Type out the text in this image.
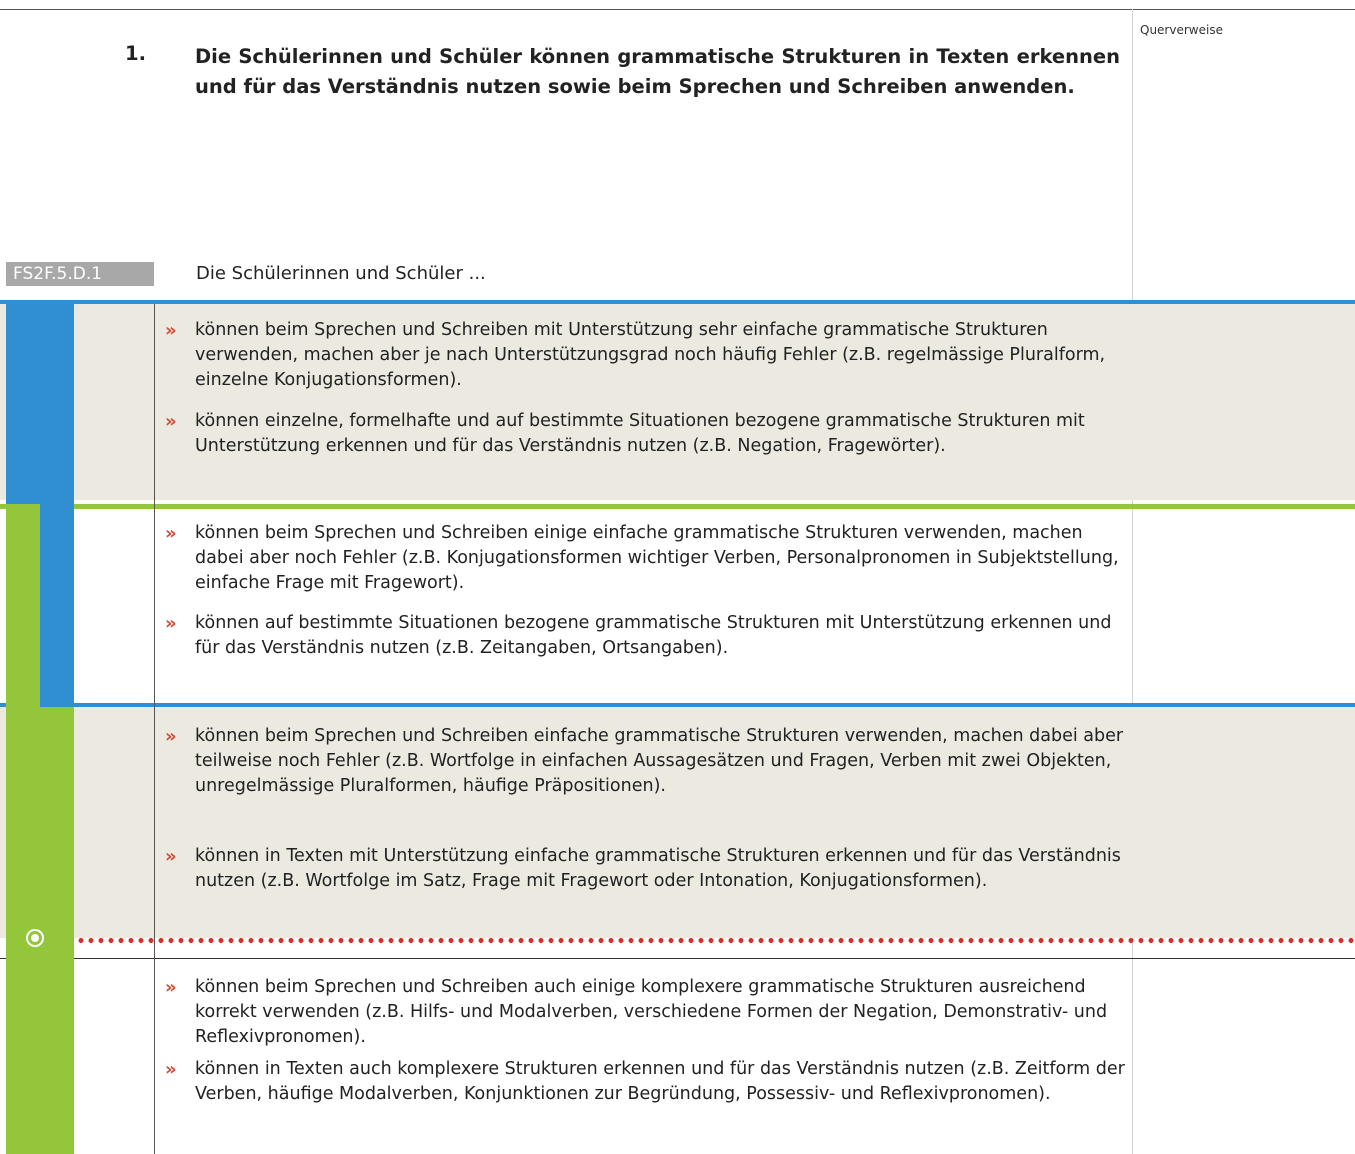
Querverweise
1.	Die Schülerinnen und Schüler können grammatische Strukturen in Texten erkennen und für das Verständnis nutzen sowie beim Sprechen und Schreiben anwenden.
FS2F.5.D.1	Die Schülerinnen und Schüler ...
»	können beim Sprechen und Schreiben mit Unterstützung sehr einfache grammatische Strukturen verwenden, machen aber je nach Unterstützungsgrad noch häufig Fehler (z.B. regelmässige Pluralform, einzelne Konjugationsformen).
»	können einzelne, formelhafte und auf bestimmte Situationen bezogene grammatische Strukturen mit Unterstützung erkennen und für das Verständnis nutzen (z.B. Negation, Fragewörter).
»	können beim Sprechen und Schreiben einige einfache grammatische Strukturen verwenden, machen dabei aber noch Fehler (z.B. Konjugationsformen wichtiger Verben, Personalpronomen in Subjektstellung, einfache Frage mit Fragewort).
»	können auf bestimmte Situationen bezogene grammatische Strukturen mit Unterstützung erkennen und für das Verständnis nutzen (z.B. Zeitangaben, Ortsangaben).
»	können beim Sprechen und Schreiben einfache grammatische Strukturen verwenden, machen dabei aber teilweise noch Fehler (z.B. Wortfolge in einfachen Aussagesätzen und Fragen, Verben mit zwei Objekten, unregelmässige Pluralformen, häufige Präpositionen).
»	können in Texten mit Unterstützung einfache grammatische Strukturen erkennen und für das Verständnis nutzen (z.B. Wortfolge im Satz, Frage mit Fragewort oder Intonation, Konjugationsformen).
»	können beim Sprechen und Schreiben auch einige komplexere grammatische Strukturen ausreichend korrekt verwenden (z.B. Hilfs- und Modalverben, verschiedene Formen der Negation, Demonstrativ- und Reflexivpronomen).
»	können in Texten auch komplexere Strukturen erkennen und für das Verständnis nutzen (z.B. Zeitform der Verben, häufige Modalverben, Konjunktionen zur Begründung, Possessiv- und Reflexivpronomen).
